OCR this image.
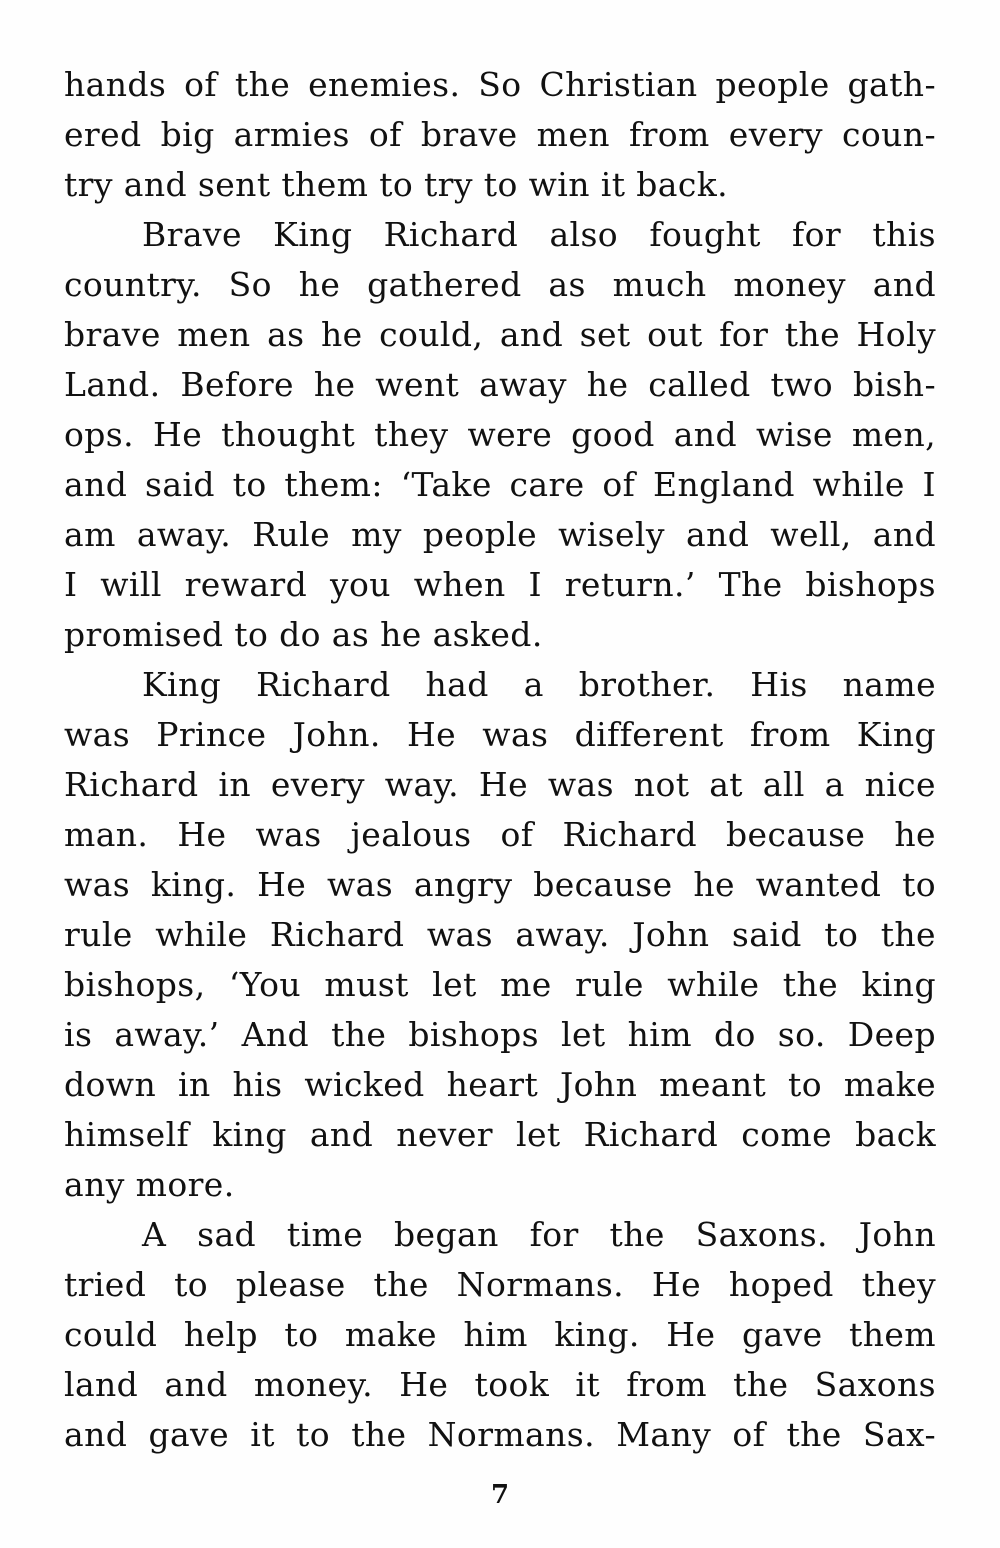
hands of the enemies. So Christian people gath-
ered big armies of brave men from every coun-
try and sent them to try to win it back.
Brave King Richard also fought for this
country. So he gathered as much money and
brave men as he could, and set out for the Holy
Land. Before he went away he called two bish-
ops. He thought they were good and wise men,
and said to them: ‘Take care of England while I
am away. Rule my people wisely and well, and
I will reward you when I return.’ The bishops
promised to do as he asked.
King Richard had a brother. His name
was Prince John. He was different from King
Richard in every way. He was not at all a nice
man. He was jealous of Richard because he
was king. He was angry because he wanted to
rule while Richard was away. John said to the
bishops, ‘You must let me rule while the king
is away.’ And the bishops let him do so. Deep
down in his wicked heart John meant to make
himself king and never let Richard come back
any more.
A sad time began for the Saxons. John
tried to please the Normans. He hoped they
could help to make him king. He gave them
land and money. He took it from the Saxons
and gave it to the Normans. Many of the Sax-
7
